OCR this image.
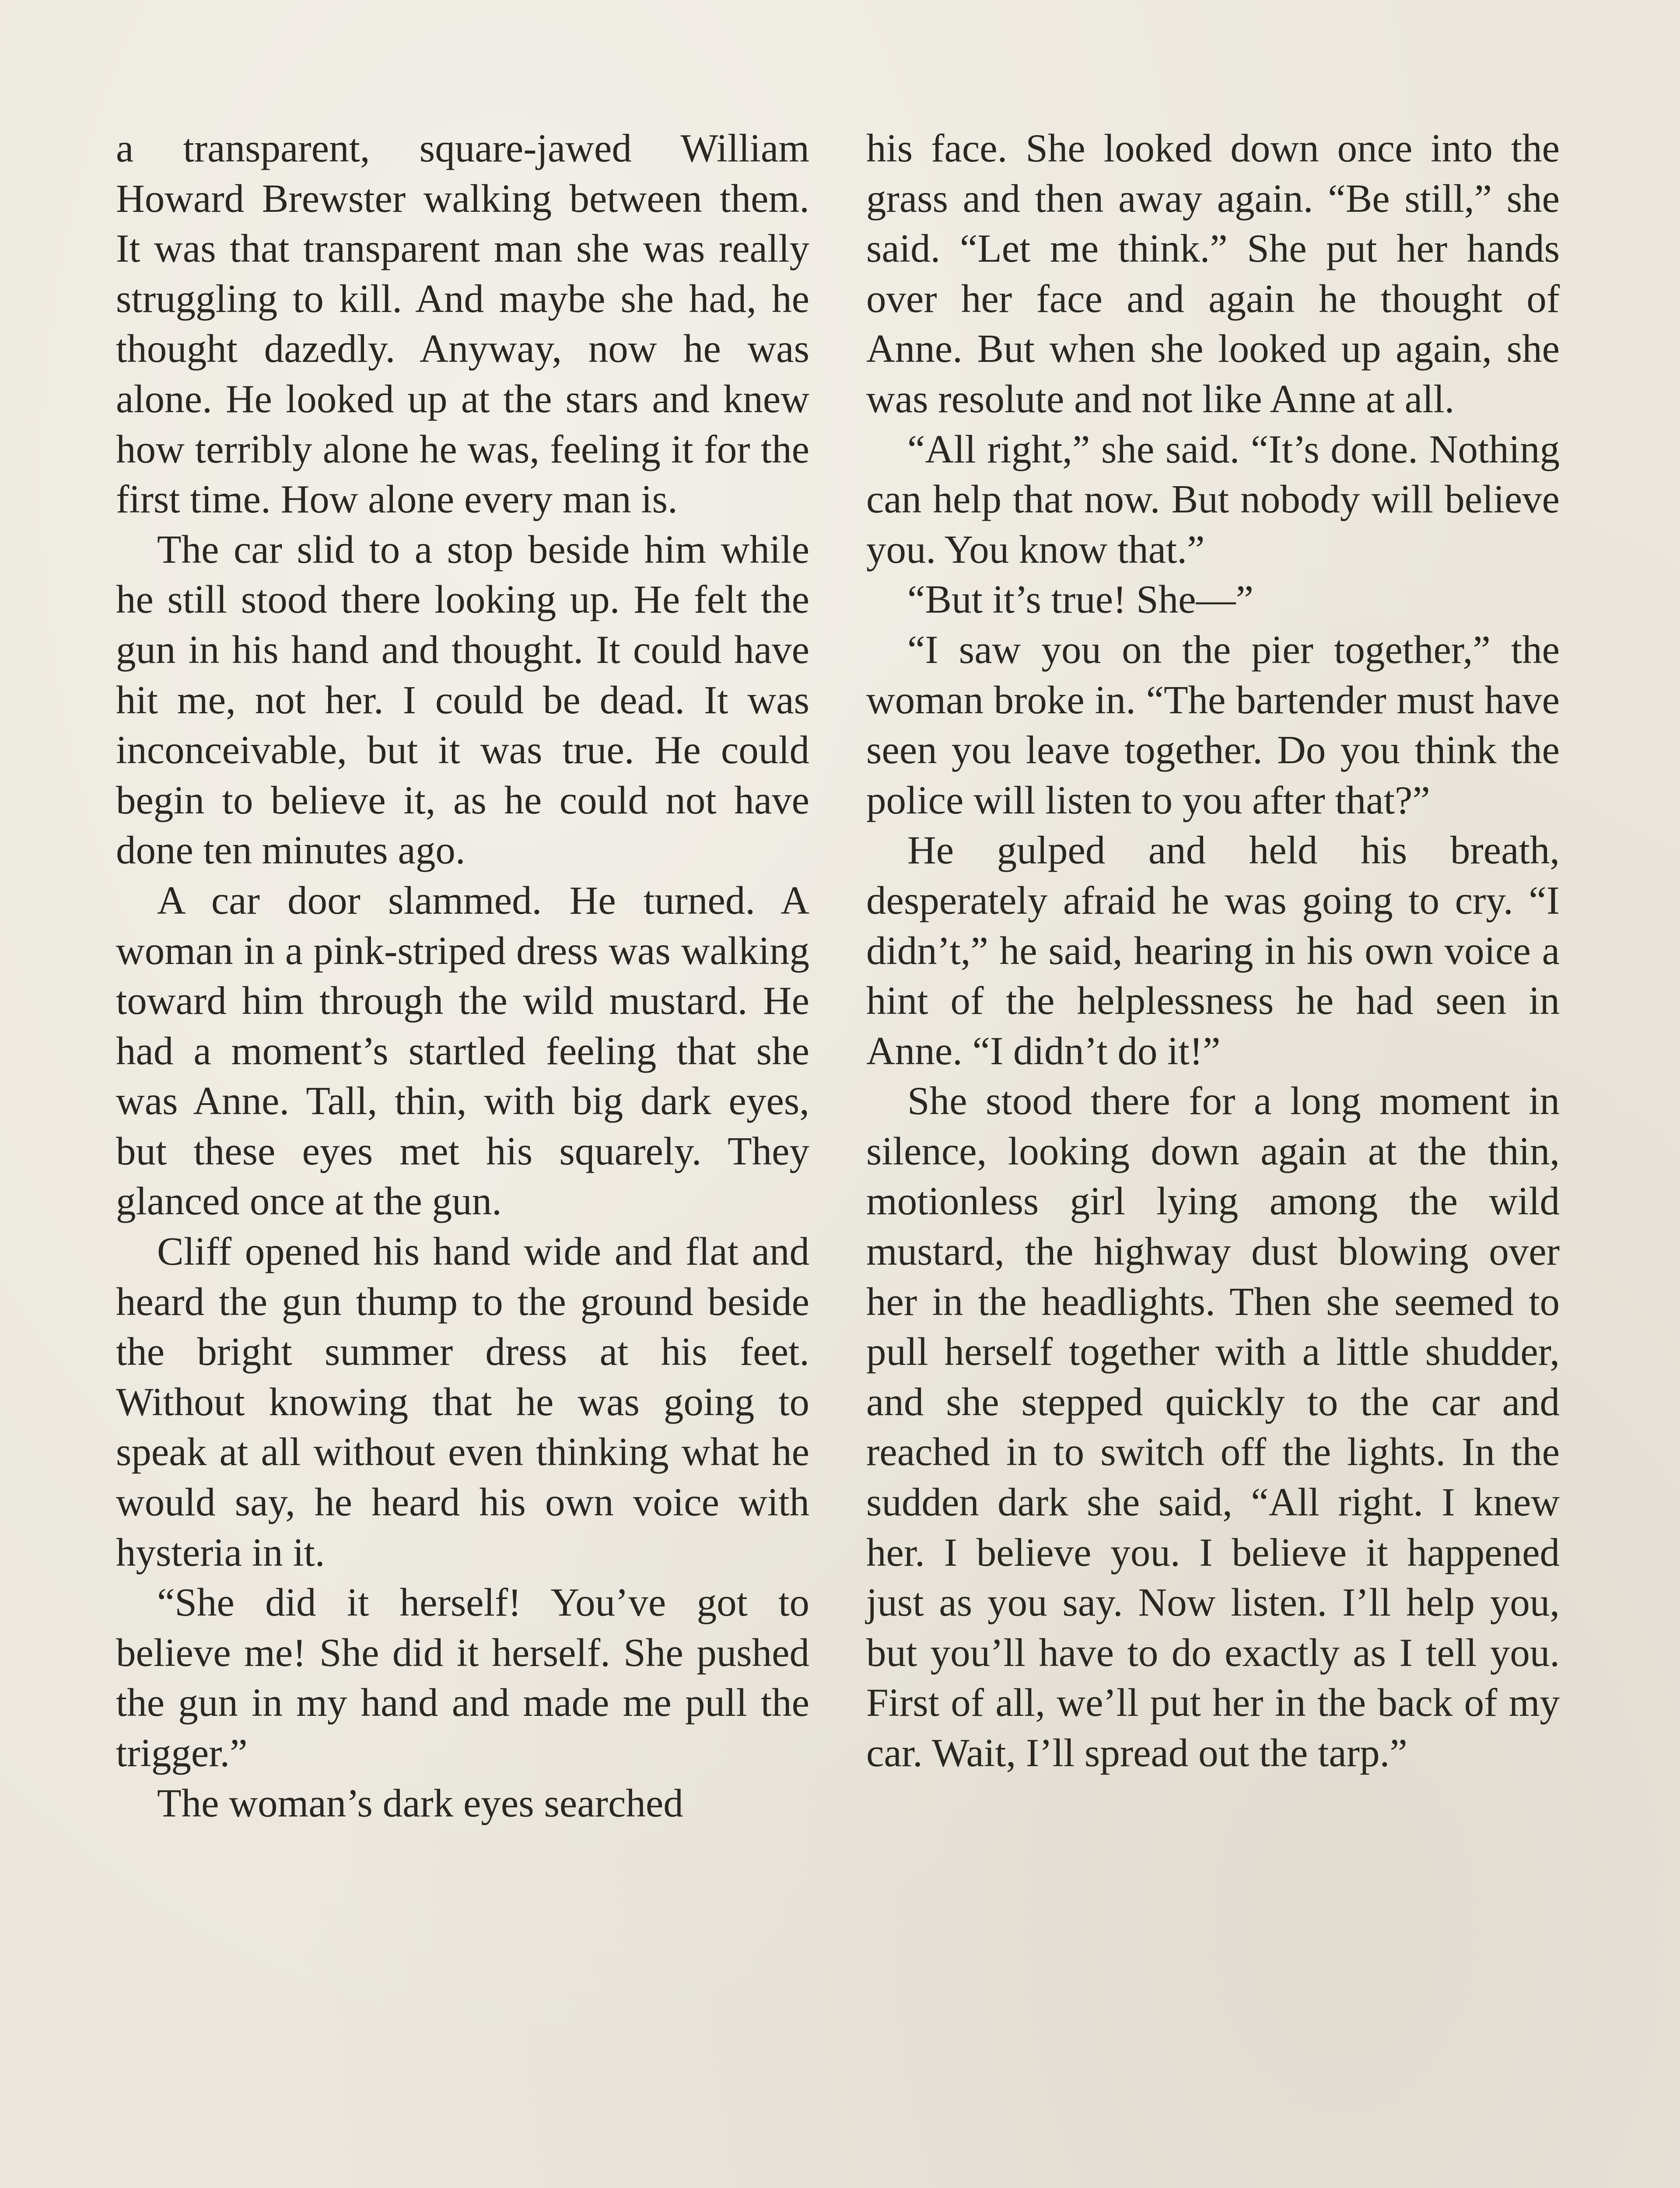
a transparent, square-jawed William Howard Brewster walking between them. It was that transparent man she was really struggling to kill. And maybe she had, he thought dazedly. Anyway, now he was alone. He looked up at the stars and knew how terribly alone he was, feeling it for the first time. How alone every man is.

The car slid to a stop beside him while he still stood there looking up. He felt the gun in his hand and thought. It could have hit me, not her. I could be dead. It was inconceivable, but it was true. He could begin to believe it, as he could not have done ten minutes ago.

A car door slammed. He turned. A woman in a pink-striped dress was walking toward him through the wild mustard. He had a moment’s startled feeling that she was Anne. Tall, thin, with big dark eyes, but these eyes met his squarely. They glanced once at the gun.

Cliff opened his hand wide and flat and heard the gun thump to the ground beside the bright summer dress at his feet. Without knowing that he was going to speak at all without even thinking what he would say, he heard his own voice with hysteria in it.

“She did it herself! You’ve got to believe me! She did it herself. She pushed the gun in my hand and made me pull the trigger.”

The woman’s dark eyes searched

his face. She looked down once into the grass and then away again. “Be still,” she said. “Let me think.” She put her hands over her face and again he thought of Anne. But when she looked up again, she was resolute and not like Anne at all.

“All right,” she said. “It’s done. Nothing can help that now. But nobody will believe you. You know that.”

“But it’s true! She—”

“I saw you on the pier together,” the woman broke in. “The bartender must have seen you leave together. Do you think the police will listen to you after that?”

He gulped and held his breath, desperately afraid he was going to cry. “I didn’t,” he said, hearing in his own voice a hint of the helplessness he had seen in Anne. “I didn’t do it!”

She stood there for a long moment in silence, looking down again at the thin, motionless girl lying among the wild mustard, the highway dust blowing over her in the headlights. Then she seemed to pull herself together with a little shudder, and she stepped quickly to the car and reached in to switch off the lights. In the sudden dark she said, “All right. I knew her. I believe you. I believe it happened just as you say. Now listen. I’ll help you, but you’ll have to do exactly as I tell you. First of all, we’ll put her in the back of my car. Wait, I’ll spread out the tarp.”
